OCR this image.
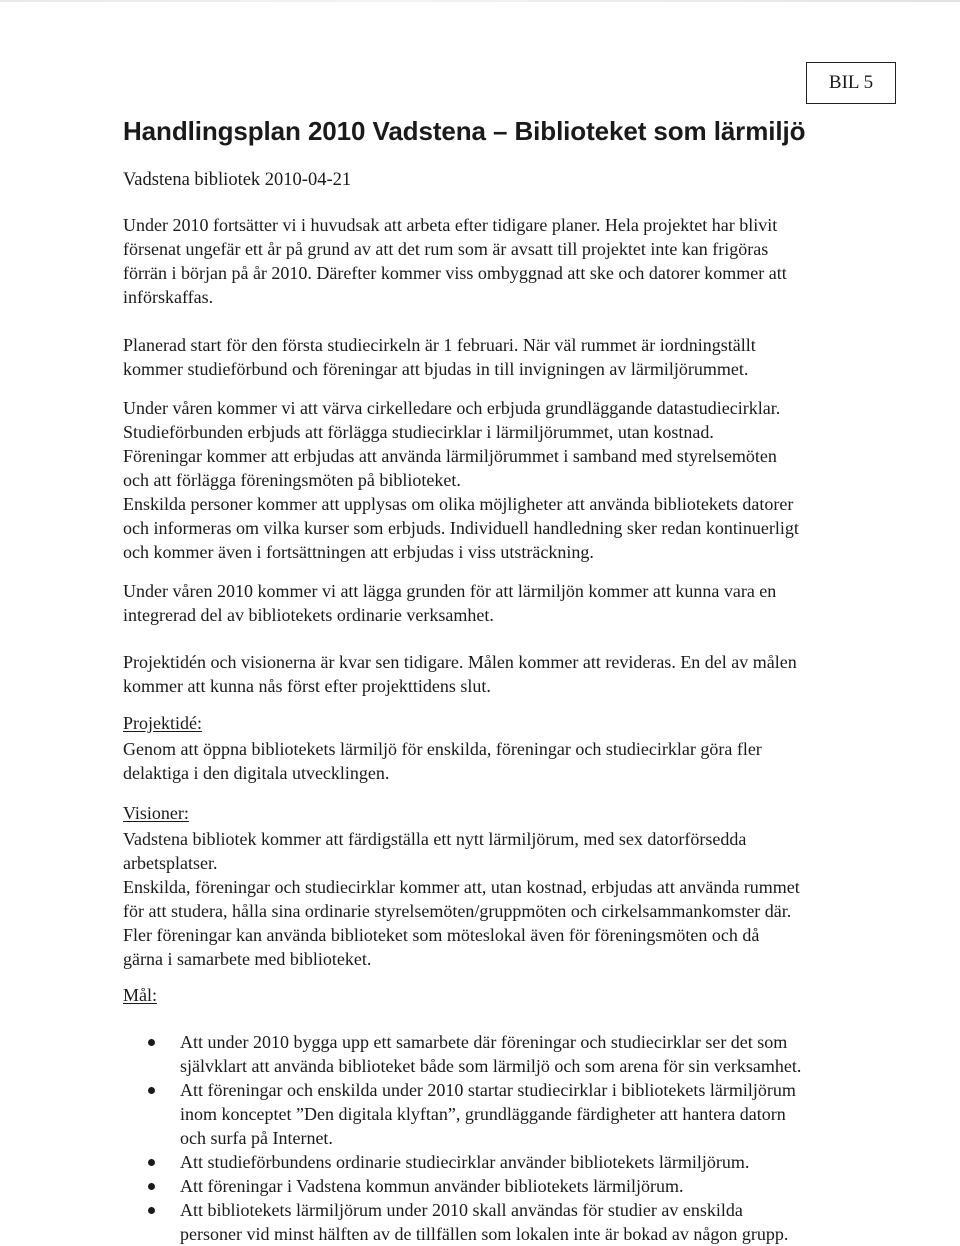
BIL 5
Handlingsplan 2010 Vadstena – Biblioteket som lärmiljö
Vadstena bibliotek 2010-04-21
Under 2010 fortsätter vi i huvudsak att arbeta efter tidigare planer. Hela projektet har blivit
försenat ungefär ett år på grund av att det rum som är avsatt till projektet inte kan frigöras
förrän i början på år 2010. Därefter kommer viss ombyggnad att ske och datorer kommer att
införskaffas.
Planerad start för den första studiecirkeln är 1 februari. När väl rummet är iordningställt
kommer studieförbund och föreningar att bjudas in till invigningen av lärmiljörummet.
Under våren kommer vi att värva cirkelledare och erbjuda grundläggande datastudiecirklar.
Studieförbunden erbjuds att förlägga studiecirklar i lärmiljörummet, utan kostnad.
Föreningar kommer att erbjudas att använda lärmiljörummet i samband med styrelsemöten
och att förlägga föreningsmöten på biblioteket.
Enskilda personer kommer att upplysas om olika möjligheter att använda bibliotekets datorer
och informeras om vilka kurser som erbjuds. Individuell handledning sker redan kontinuerligt
och kommer även i fortsättningen att erbjudas i viss utsträckning.
Under våren 2010 kommer vi att lägga grunden för att lärmiljön kommer att kunna vara en
integrerad del av bibliotekets ordinarie verksamhet.
Projektidén och visionerna är kvar sen tidigare. Målen kommer att revideras. En del av målen
kommer att kunna nås först efter projekttidens slut.
Projektidé:
Genom att öppna bibliotekets lärmiljö för enskilda, föreningar och studiecirklar göra fler
delaktiga i den digitala utvecklingen.
Visioner:
Vadstena bibliotek kommer att färdigställa ett nytt lärmiljörum, med sex datorförsedda
arbetsplatser.
Enskilda, föreningar och studiecirklar kommer att, utan kostnad, erbjudas att använda rummet
för att studera, hålla sina ordinarie styrelsemöten/gruppmöten och cirkelsammankomster där.
Fler föreningar kan använda biblioteket som möteslokal även för föreningsmöten och då
gärna i samarbete med biblioteket.
Mål:
Att under 2010 bygga upp ett samarbete där föreningar och studiecirklar ser det som
självklart att använda biblioteket både som lärmiljö och som arena för sin verksamhet.
Att föreningar och enskilda under 2010 startar studiecirklar i bibliotekets lärmiljörum
inom konceptet ”Den digitala klyftan”, grundläggande färdigheter att hantera datorn
och surfa på Internet.
Att studieförbundens ordinarie studiecirklar använder bibliotekets lärmiljörum.
Att föreningar i Vadstena kommun använder bibliotekets lärmiljörum.
Att bibliotekets lärmiljörum under 2010 skall användas för studier av enskilda
personer vid minst hälften av de tillfällen som lokalen inte är bokad av någon grupp.
